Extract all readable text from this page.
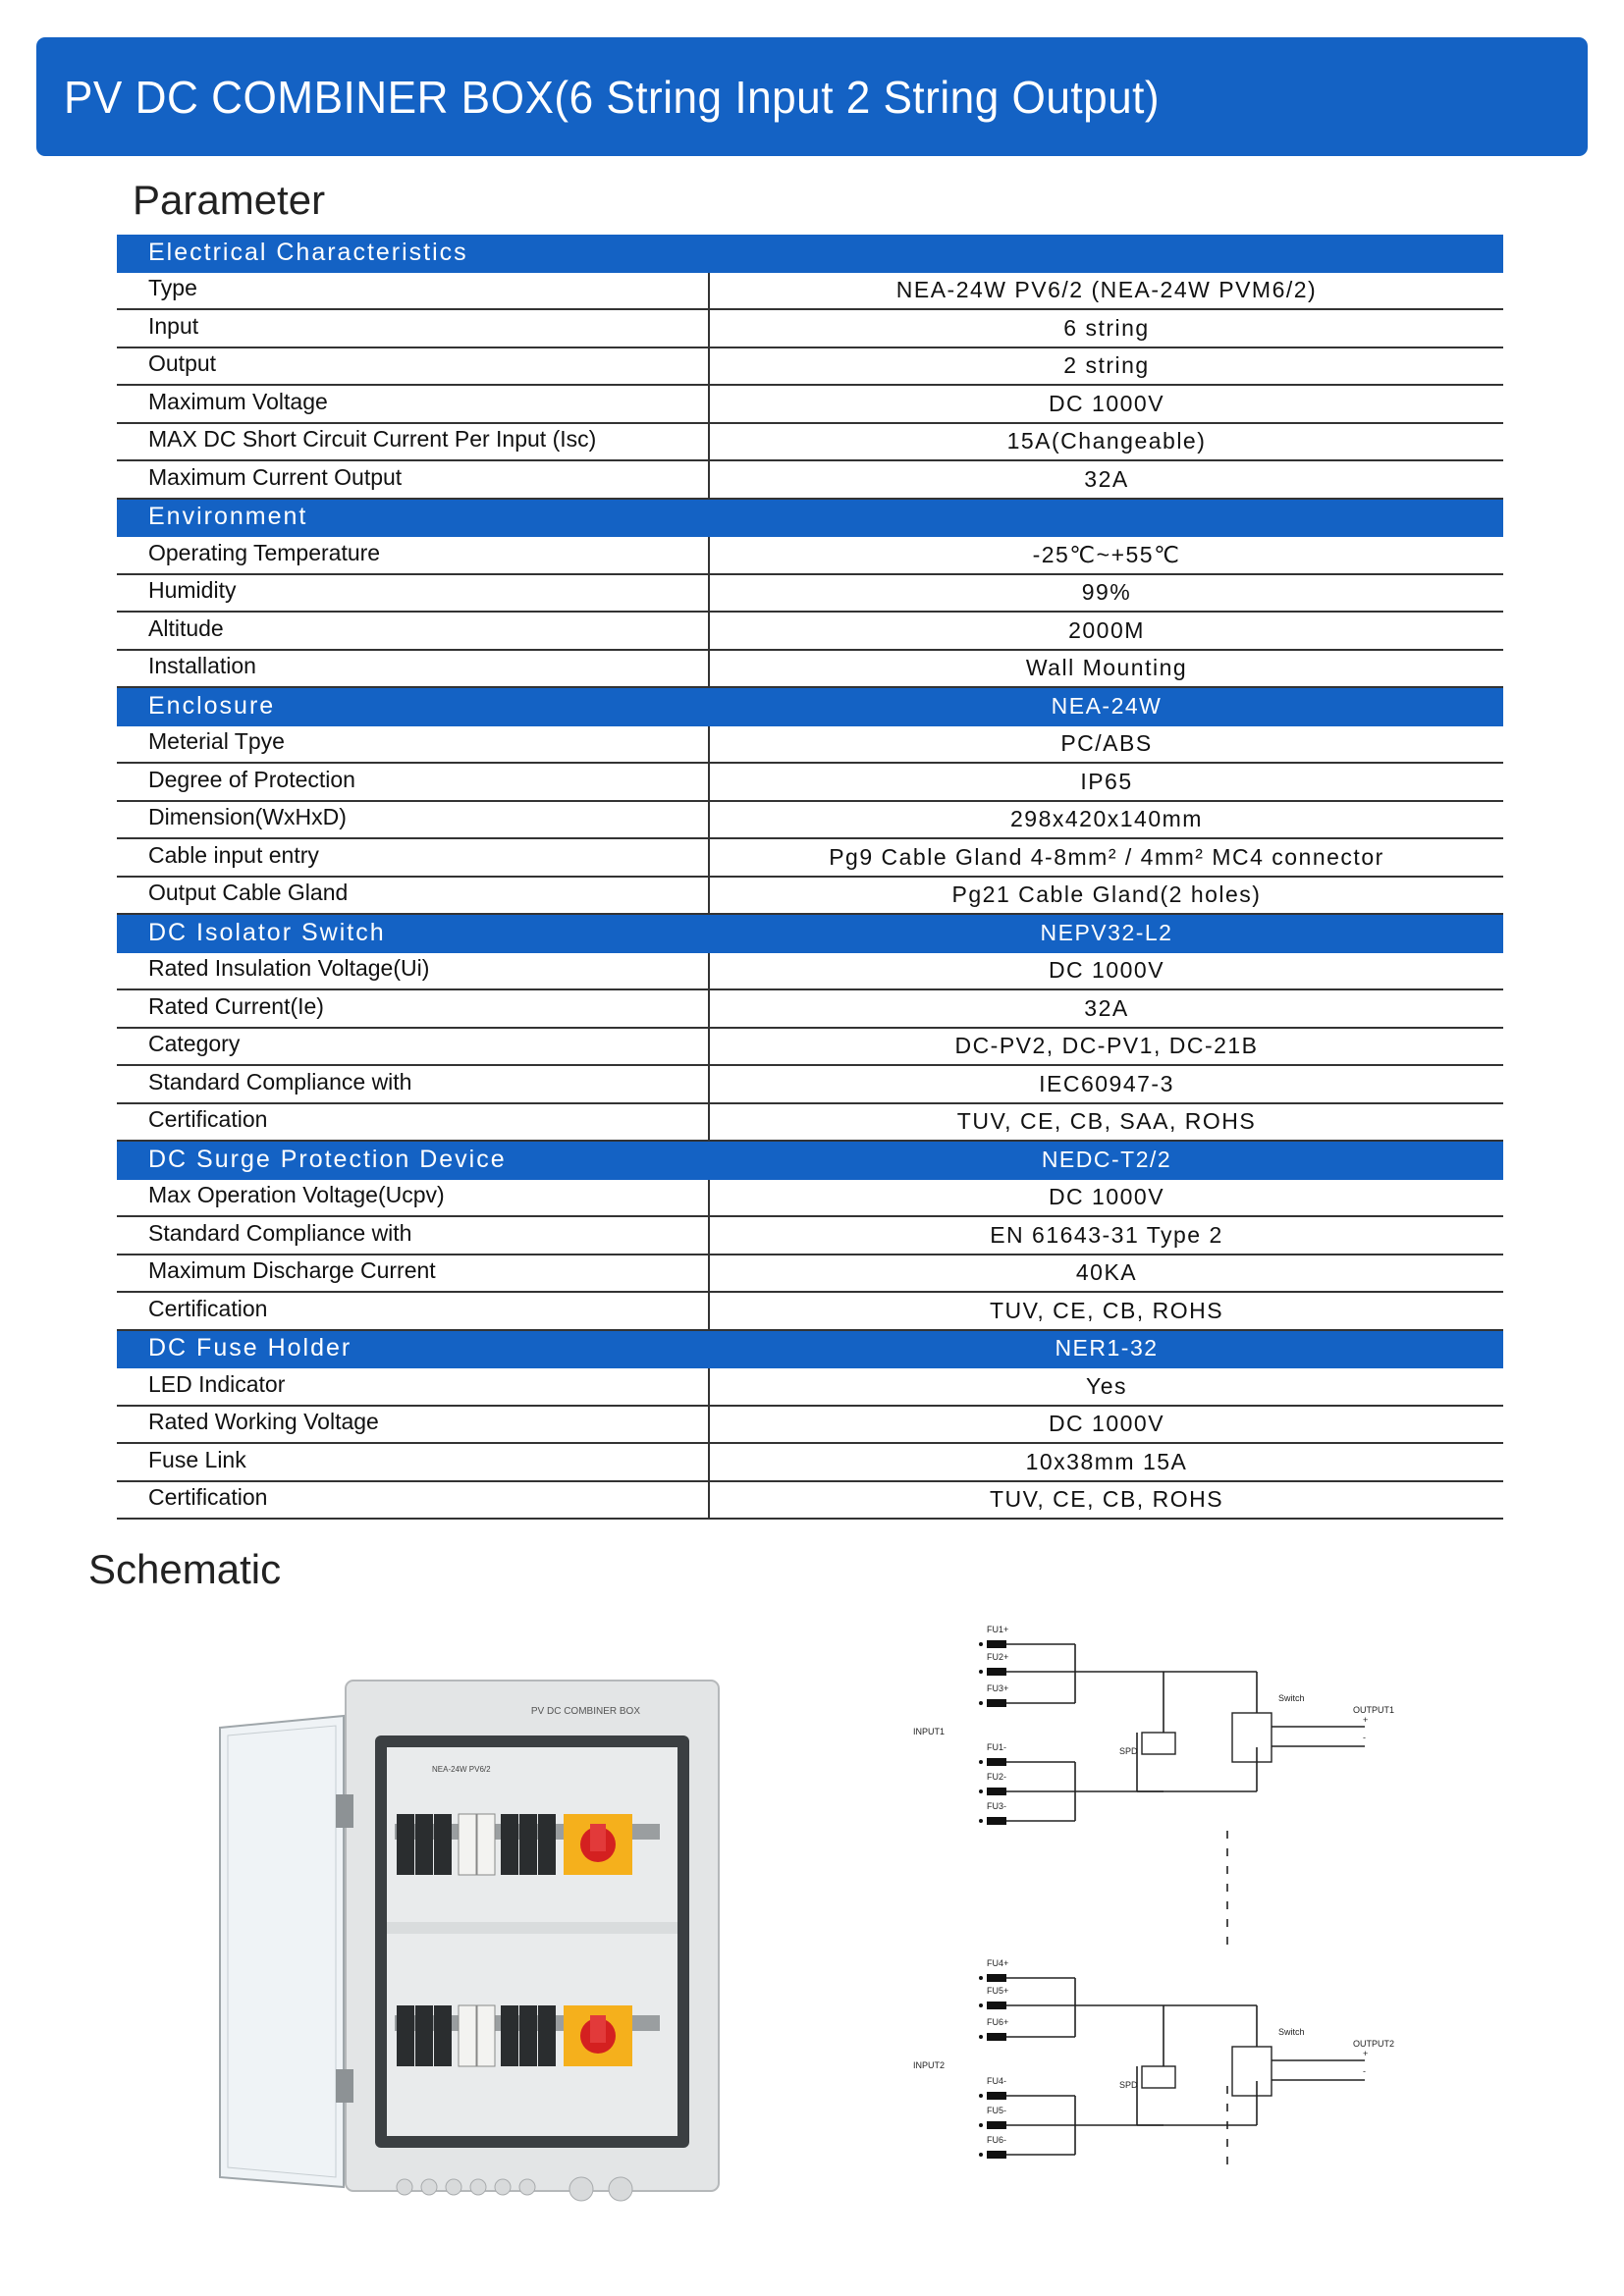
PV DC COMBINER BOX(6 String Input 2 String Output)
Parameter
Electrical Characteristics
Type	NEA-24W PV6/2 (NEA-24W PVM6/2)
Input	6 string
Output	2 string
Maximum Voltage	DC 1000V
MAX DC Short Circuit Current Per Input (Isc)	15A(Changeable)
Maximum Current Output	32A
Environment
Operating Temperature	-25℃~+55℃
Humidity	99%
Altitude	2000M
Installation	Wall Mounting
Enclosure	NEA-24W
Meterial Tpye	PC/ABS
Degree of Protection	IP65
Dimension(WxHxD)	298x420x140mm
Cable input entry	Pg9 Cable Gland 4-8mm² / 4mm² MC4 connector
Output Cable Gland	Pg21 Cable Gland(2 holes)
DC Isolator Switch	NEPV32-L2
Rated Insulation Voltage(Ui)	DC 1000V
Rated Current(Ie)	32A
Category	DC-PV2, DC-PV1, DC-21B
Standard Compliance with	IEC60947-3
Certification	TUV, CE, CB, SAA, ROHS
DC Surge Protection Device	NEDC-T2/2
Max Operation Voltage(Ucpv)	DC 1000V
Standard Compliance with	EN 61643-31 Type 2
Maximum Discharge Current	40KA
Certification	TUV, CE, CB, ROHS
DC Fuse Holder	NER1-32
LED Indicator	Yes
Rated Working Voltage	DC 1000V
Fuse Link	10x38mm 15A
Certification	TUV, CE, CB, ROHS
Schematic
PV DC COMBINER BOX
NEA-24W PV6/2
FU1+
FU2+
FU3+
FU1-
FU2-
FU3-
SPD
Switch
OUTPUT1
+
-
INPUT1
FU4+
FU5+
FU6+
FU4-
FU5-
FU6-
SPD
Switch
OUTPUT2
+
-
INPUT2
